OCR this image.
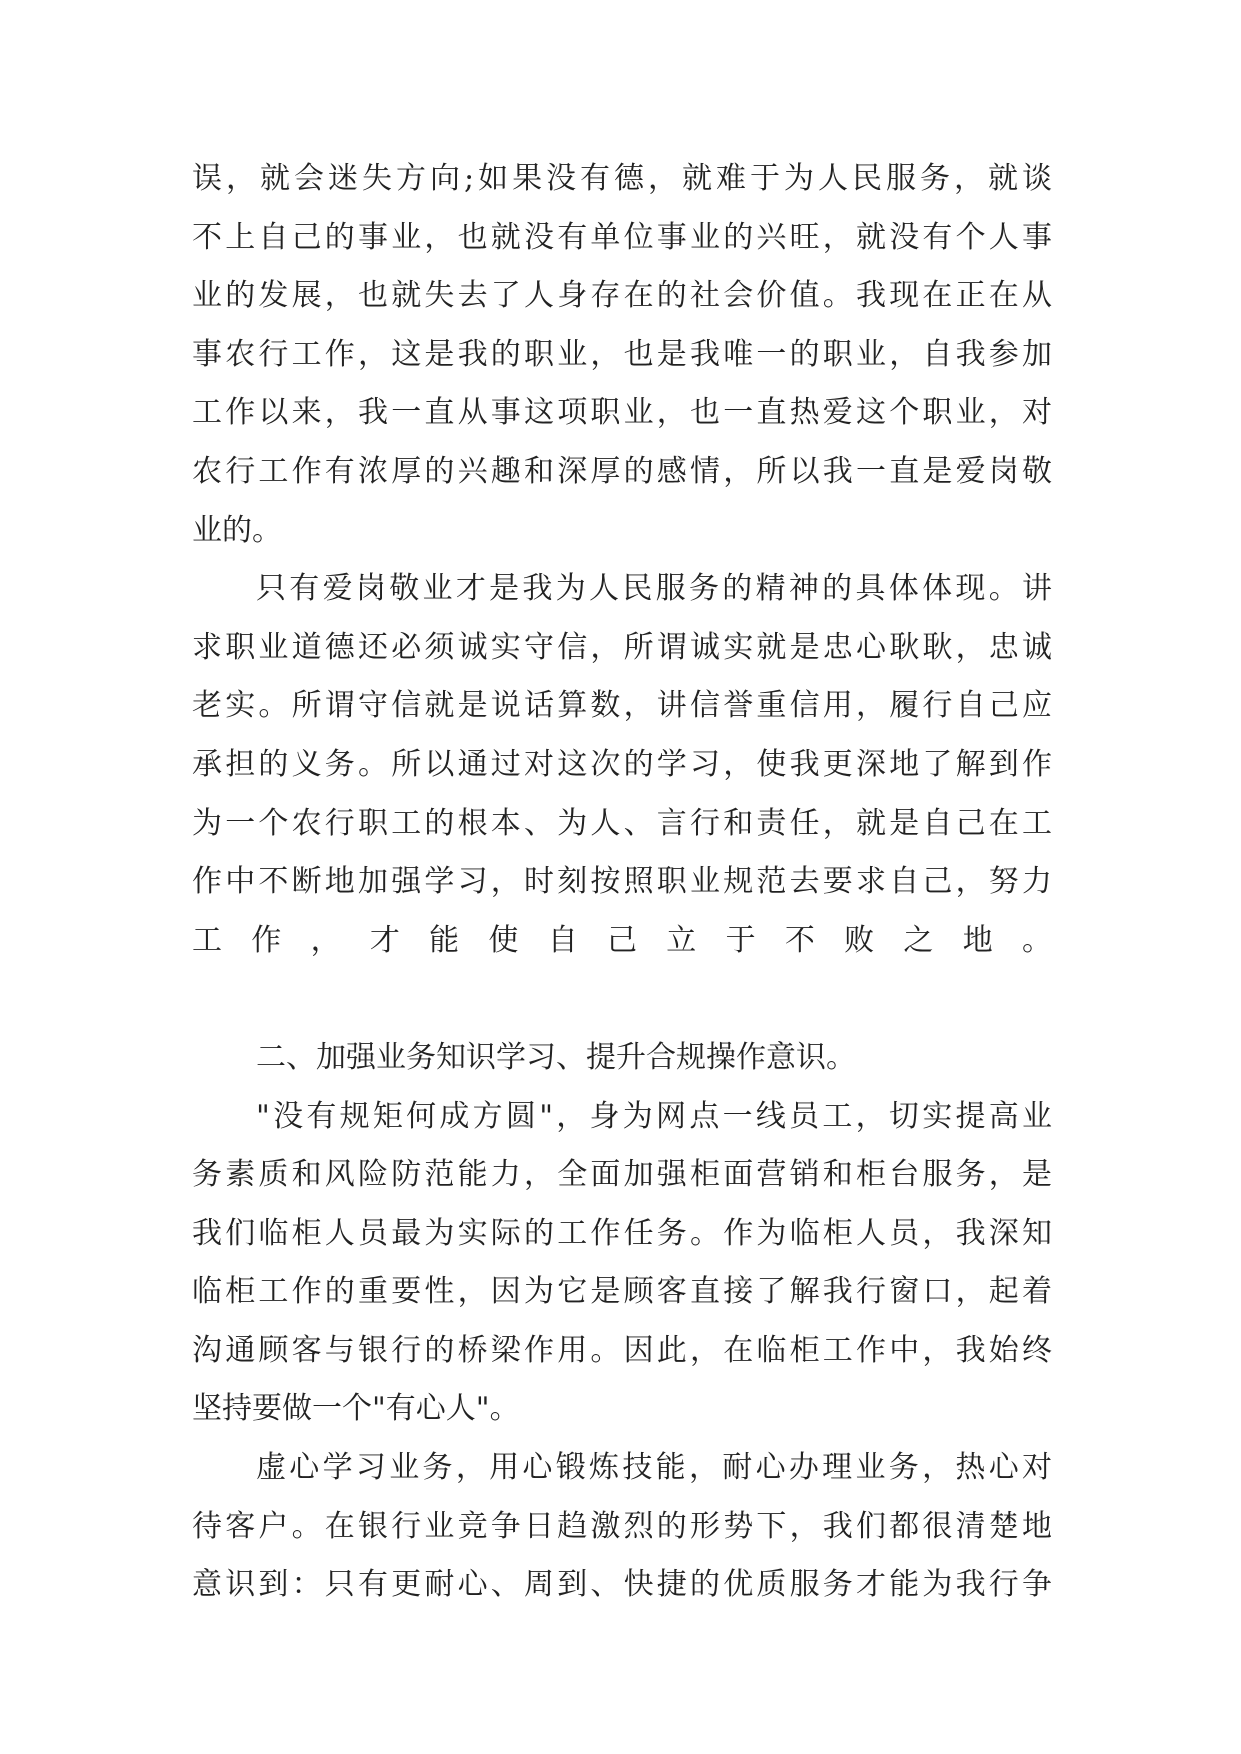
误，就会迷失方向;如果没有德，就难于为人民服务，就谈
不上自己的事业，也就没有单位事业的兴旺，就没有个人事
业的发展，也就失去了人身存在的社会价值。我现在正在从
事农行工作，这是我的职业，也是我唯一的职业，自我参加
工作以来，我一直从事这项职业，也一直热爱这个职业，对
农行工作有浓厚的兴趣和深厚的感情，所以我一直是爱岗敬
业的。
只有爱岗敬业才是我为人民服务的精神的具体体现。讲
求职业道德还必须诚实守信，所谓诚实就是忠心耿耿，忠诚
老实。所谓守信就是说话算数，讲信誉重信用，履行自己应
承担的义务。所以通过对这次的学习，使我更深地了解到作
为一个农行职工的根本、为人、言行和责任，就是自己在工
作中不断地加强学习，时刻按照职业规范去要求自己，努力
工作，才能使自己立于不败之地。
二、加强业务知识学习、提升合规操作意识。
"没有规矩何成方圆"，身为网点一线员工，切实提高业
务素质和风险防范能力，全面加强柜面营销和柜台服务，是
我们临柜人员最为实际的工作任务。作为临柜人员，我深知
临柜工作的重要性，因为它是顾客直接了解我行窗口，起着
沟通顾客与银行的桥梁作用。因此，在临柜工作中，我始终
坚持要做一个"有心人"。
虚心学习业务，用心锻炼技能，耐心办理业务，热心对
待客户。在银行业竞争日趋激烈的形势下，我们都很清楚地
意识到：只有更耐心、周到、快捷的优质服务才能为我行争
